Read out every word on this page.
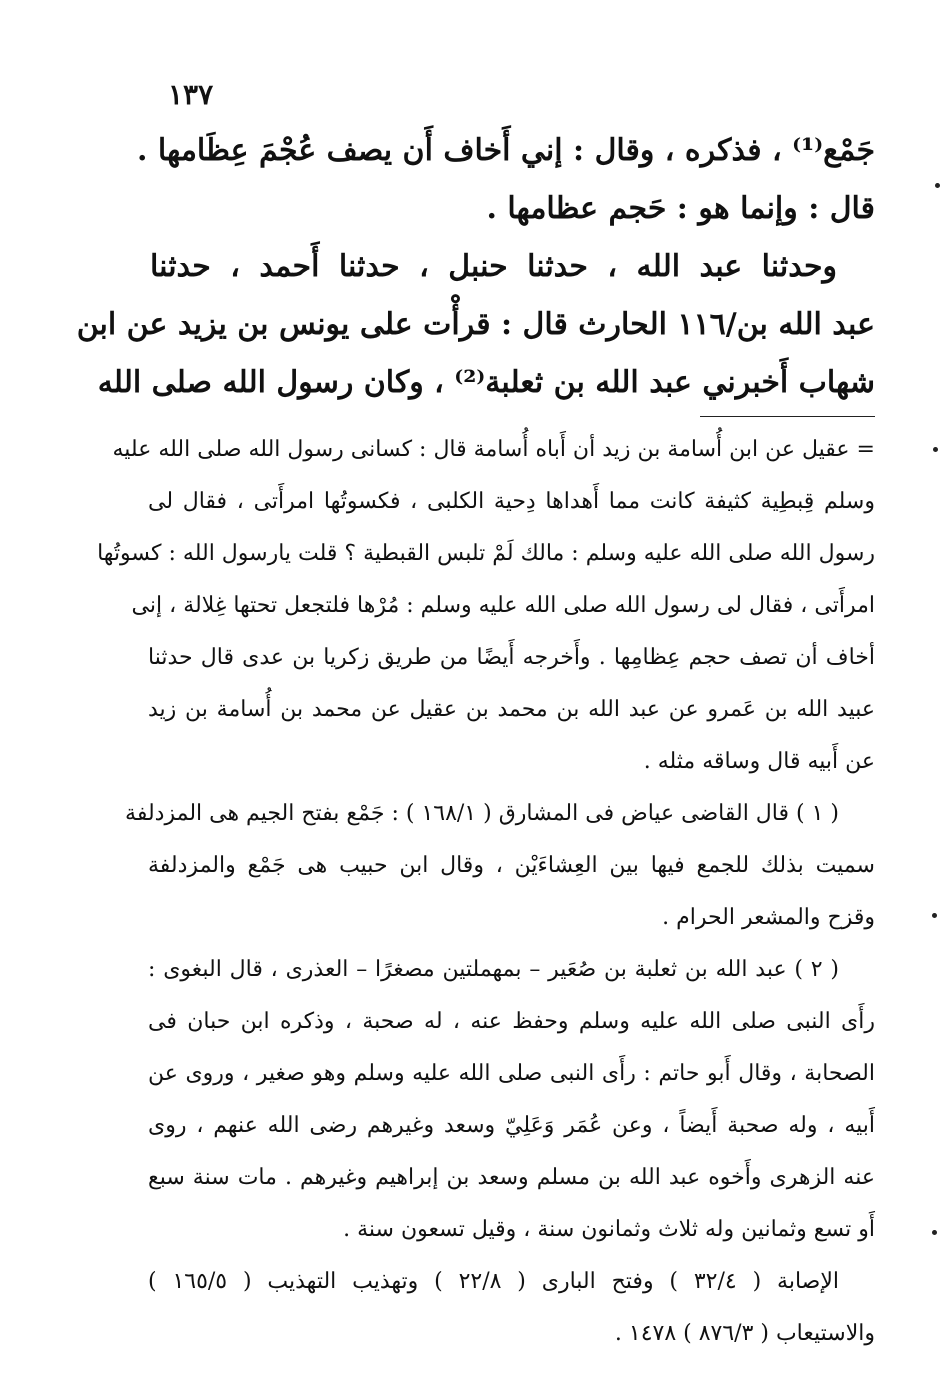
١٣٧
جَمْع⁽¹⁾ ، فذكره ، وقال : إني أَخاف أَن يصف عُجْمَ عِظَامها .
قال : وإنما هو : حَجم عظامها .
وحدثنا عبد الله ، حدثنا حنبل ، حدثنا أَحمد ، حدثنا
عبد الله بن/١١٦ الحارث قال : قرأْت على يونس بن يزيد عن ابن
شهاب أَخبرني عبد الله بن ثعلبة⁽²⁾ ، وكان رسول الله صلى الله
= عقيل عن ابن أُسامة بن زيد أن أَباه أُسامة قال : كسانى رسول الله صلى الله عليه
وسلم قِبطِية كثيفة كانت مما أَهداها دِحية الكلبى ، فكسوتُها امرأَتى ، فقال لى
رسول الله صلى الله عليه وسلم : مالك لَمْ تلبس القبطية ؟ قلت يارسول الله : كسوتُها
امرأَتى ، فقال لى رسول الله صلى الله عليه وسلم : مُرْها فلتجعل تحتها غِلالة ، إنى
أخاف أن تصف حجم عِظامِها . وأَخرجه أَيضًا من طريق زكريا بن عدى قال حدثنا
عبيد الله بن عَمرو عن عبد الله بن محمد بن عقيل عن محمد بن أُسامة بن زيد
عن أَبيه قال وساقه مثله .
( ١ ) قال القاضى عياض فى المشارق ( ١٦٨/١ ) : جَمْع بفتح الجيم هى المزدلفة
سميت بذلك للجمع فيها بين العِشاءَيْن ، وقال ابن حبيب هى جَمْع والمزدلفة
وقزح والمشعر الحرام .
( ٢ ) عبد الله بن ثعلبة بن صُعَير – بمهملتين مصغرًا – العذرى ، قال البغوى :
رأَى النبى صلى الله عليه وسلم وحفظ عنه ، له صحبة ، وذكره ابن حبان فى
الصحابة ، وقال أَبو حاتم : رأَى النبى صلى الله عليه وسلم وهو صغير ، وروى عن
أَبيه ، وله صحبة أَيضاً ، وعن عُمَر وَعَلِيّ وسعد وغيرهم رضى الله عنهم ، روى
عنه الزهرى وأَخوه عبد الله بن مسلم وسعد بن إبراهيم وغيرهم . مات سنة سبع
أَو تسع وثمانين وله ثلاث وثمانون سنة ، وقيل تسعون سنة .
الإصابة ( ٣٢/٤ ) وفتح البارى ( ٢٢/٨ ) وتهذيب التهذيب ( ١٦٥/٥ )
والاستيعاب ( ٨٧٦/٣ ) ١٤٧٨ .
